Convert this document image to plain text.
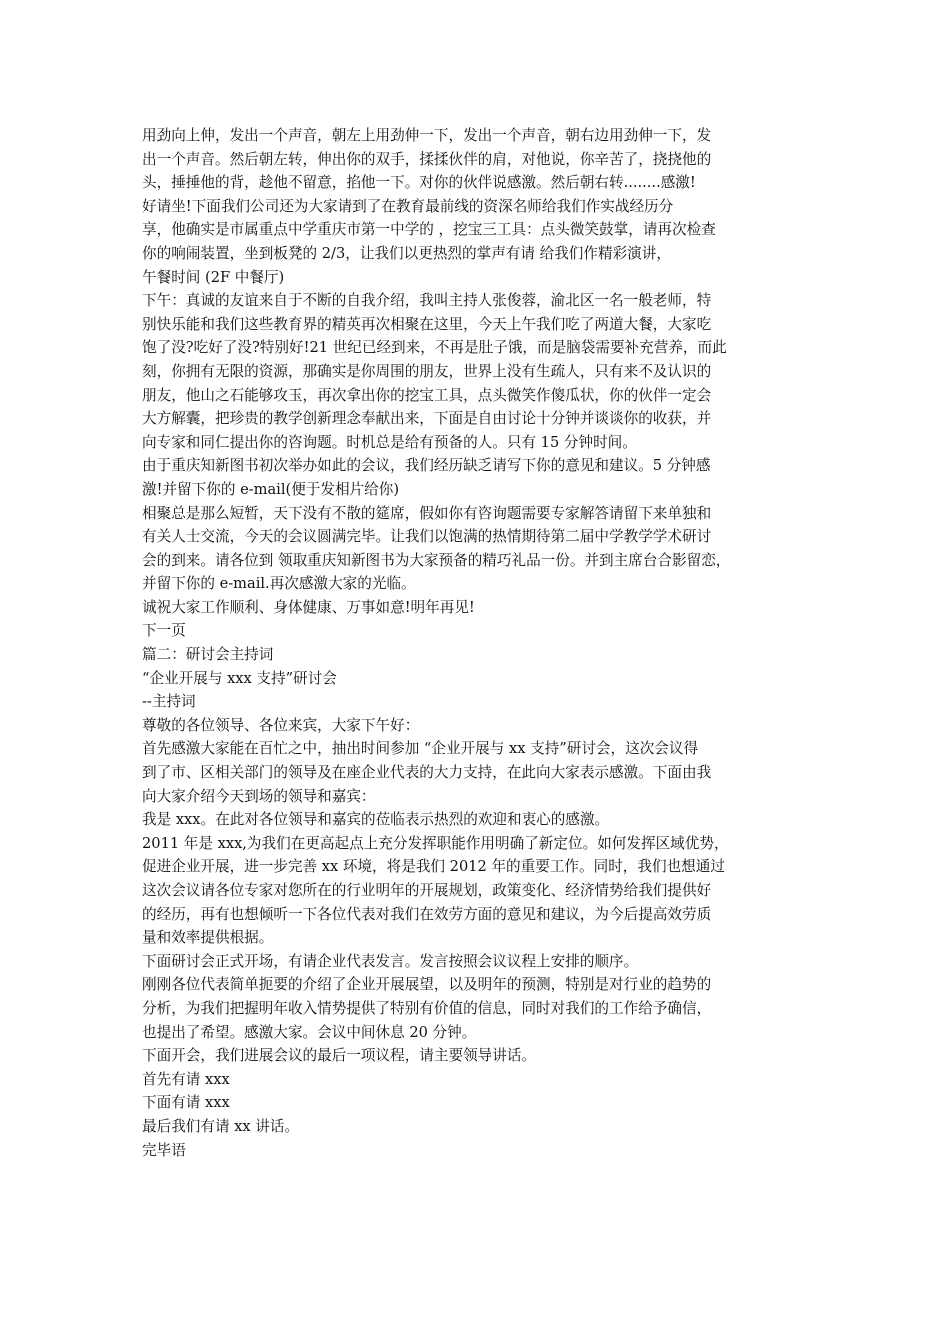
用劲向上伸，发出一个声音，朝左上用劲伸一下，发出一个声音，朝右边用劲伸一下，发
出一个声音。然后朝左转，伸出你的双手，揉揉伙伴的肩，对他说，你辛苦了，挠挠他的
头，捶捶他的背，趁他不留意，掐他一下。对你的伙伴说感激。然后朝右转........感激!
好请坐!下面我们公司还为大家请到了在教育最前线的资深名师给我们作实战经历分
享，他确实是市属重点中学重庆市第一中学的 ，挖宝三工具：点头微笑鼓掌，请再次检查
你的响闹装置，坐到板凳的 2/3，让我们以更热烈的掌声有请 给我们作精彩演讲，
午餐时间 (2F 中餐厅)
下午：真诚的友谊来自于不断的自我介绍，我叫主持人张俊蓉，渝北区一名一般老师，特
别快乐能和我们这些教育界的精英再次相聚在这里，今天上午我们吃了两道大餐，大家吃
饱了没?吃好了没?特别好!21 世纪已经到来，不再是肚子饿，而是脑袋需要补充营养，而此
刻，你拥有无限的资源，那确实是你周围的朋友，世界上没有生疏人，只有来不及认识的
朋友，他山之石能够攻玉，再次拿出你的挖宝工具，点头微笑作傻瓜状，你的伙伴一定会
大方解囊，把珍贵的教学创新理念奉献出来，下面是自由讨论十分钟并谈谈你的收获，并
向专家和同仁提出你的咨询题。时机总是给有预备的人。只有 15 分钟时间。
由于重庆知新图书初次举办如此的会议，我们经历缺乏请写下你的意见和建议。5 分钟感
激!并留下你的 e-mail(便于发相片给你)
相聚总是那么短暂，天下没有不散的筵席，假如你有咨询题需要专家解答请留下来单独和
有关人士交流，今天的会议圆满完毕。让我们以饱满的热情期待第二届中学教学学术研讨
会的到来。请各位到 领取重庆知新图书为大家预备的精巧礼品一份。并到主席台合影留恋，
并留下你的 e-mail.再次感激大家的光临。
诚祝大家工作顺利、身体健康、万事如意!明年再见!
下一页
篇二：研讨会主持词
“企业开展与 xxx 支持”研讨会
--主持词
尊敬的各位领导、各位来宾，大家下午好：
首先感激大家能在百忙之中，抽出时间参加 “企业开展与 xx 支持”研讨会，这次会议得
到了市、区相关部门的领导及在座企业代表的大力支持，在此向大家表示感激。下面由我
向大家介绍今天到场的领导和嘉宾：
我是 xxx。在此对各位领导和嘉宾的莅临表示热烈的欢迎和衷心的感激。
2011 年是 xxx,为我们在更高起点上充分发挥职能作用明确了新定位。如何发挥区域优势，
促进企业开展，进一步完善 xx 环境，将是我们 2012 年的重要工作。同时，我们也想通过
这次会议请各位专家对您所在的行业明年的开展规划，政策变化、经济情势给我们提供好
的经历，再有也想倾听一下各位代表对我们在效劳方面的意见和建议，为今后提高效劳质
量和效率提供根据。
下面研讨会正式开场，有请企业代表发言。发言按照会议议程上安排的顺序。
刚刚各位代表简单扼要的介绍了企业开展展望，以及明年的预测，特别是对行业的趋势的
分析，为我们把握明年收入情势提供了特别有价值的信息，同时对我们的工作给予确信，
也提出了希望。感激大家。会议中间休息 20 分钟。
下面开会，我们进展会议的最后一项议程，请主要领导讲话。
首先有请 xxx
下面有请 xxx
最后我们有请 xx 讲话。
完毕语
